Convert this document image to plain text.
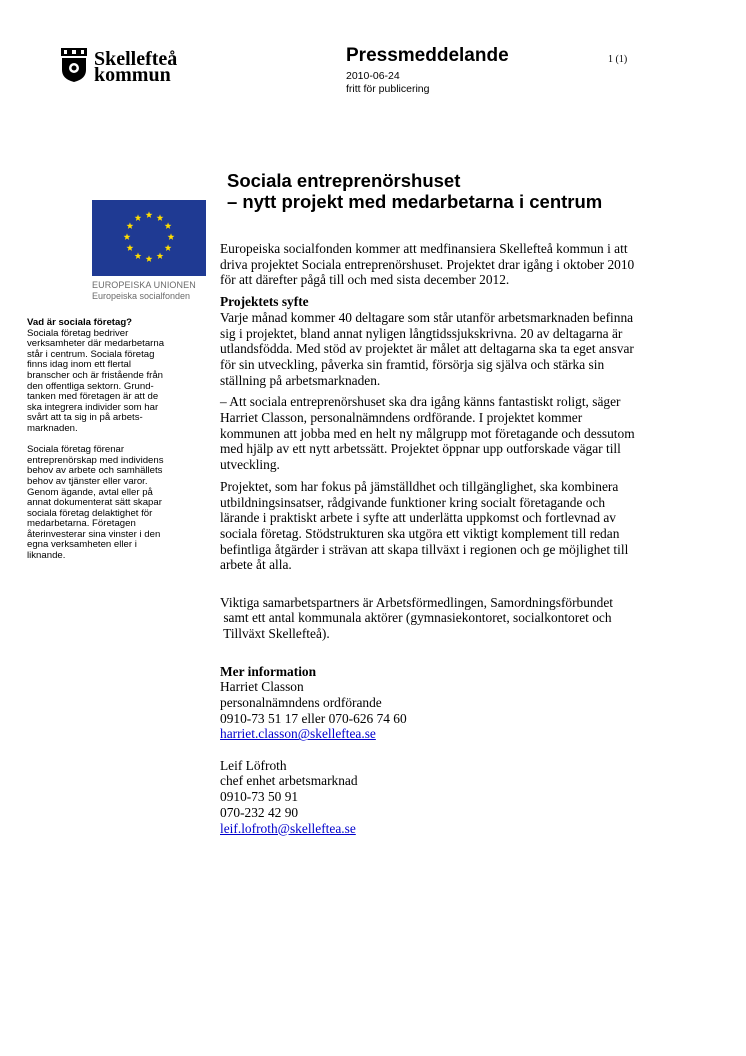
Skellefteå
kommun
Pressmeddelande	1 (1)
2010-06-24
fritt för publicering
Sociala entreprenörshuset
– nytt projekt med medarbetarna i centrum
EUROPEISKA UNIONEN
Europeiska socialfonden
Vad är sociala företag?

Sociala företag bedriver
verksamheter där medarbetarna
står i centrum. Sociala företag
finns idag inom ett flertal
branscher och är fristående från
den offentliga sektorn. Grund-
tanken med företagen är att de
ska integrera individer som har
svårt att ta sig in på arbets-
marknaden.

Sociala företag förenar
entreprenörskap med individens
behov av arbete och samhällets
behov av tjänster eller varor.
Genom ägande, avtal eller på
annat dokumenterat sätt skapar
sociala företag delaktighet för
medarbetarna. Företagen
återinvesterar sina vinster i den
egna verksamheten eller i
liknande.

Europeiska socialfonden kommer att medfinansiera Skellefteå kommun i att
driva projektet Sociala entreprenörshuset. Projektet drar igång i oktober 2010
för att därefter pågå till och med sista december 2012.

Projektets syfte

Varje månad kommer 40 deltagare som står utanför arbetsmarknaden befinna
sig i projektet, bland annat nyligen långtidssjukskrivna. 20 av deltagarna är
utlandsfödda. Med stöd av projektet är målet att deltagarna ska ta eget ansvar
för sin utveckling, påverka sin framtid, försörja sig själva och stärka sin
ställning på arbetsmarknaden.

– Att sociala entreprenörshuset ska dra igång känns fantastiskt roligt, säger
Harriet Classon, personalnämndens ordförande. I projektet kommer
kommunen att jobba med en helt ny målgrupp mot företagande och dessutom
med hjälp av ett nytt arbetssätt. Projektet öppnar upp outforskade vägar till
utveckling.

Projektet, som har fokus på jämställdhet och tillgänglighet, ska kombinera
utbildningsinsatser, rådgivande funktioner kring socialt företagande och
lärande i praktiskt arbete i syfte att underlätta uppkomst och fortlevnad av
sociala företag. Stödstrukturen ska utgöra ett viktigt komplement till redan
befintliga åtgärder i strävan att skapa tillväxt i regionen och ge möjlighet till
arbete åt alla.

Viktiga samarbetspartners är Arbetsförmedlingen, Samordningsförbundet
samt ett antal kommunala aktörer (gymnasiekontoret, socialkontoret och
Tillväxt Skellefteå).

Mer information

Harriet Classon
personalnämndens ordförande
0910-73 51 17 eller 070-626 74 60
harriet.classon@skelleftea.se

Leif Löfroth
chef enhet arbetsmarknad
0910-73 50 91
070-232 42 90
leif.lofroth@skelleftea.se
